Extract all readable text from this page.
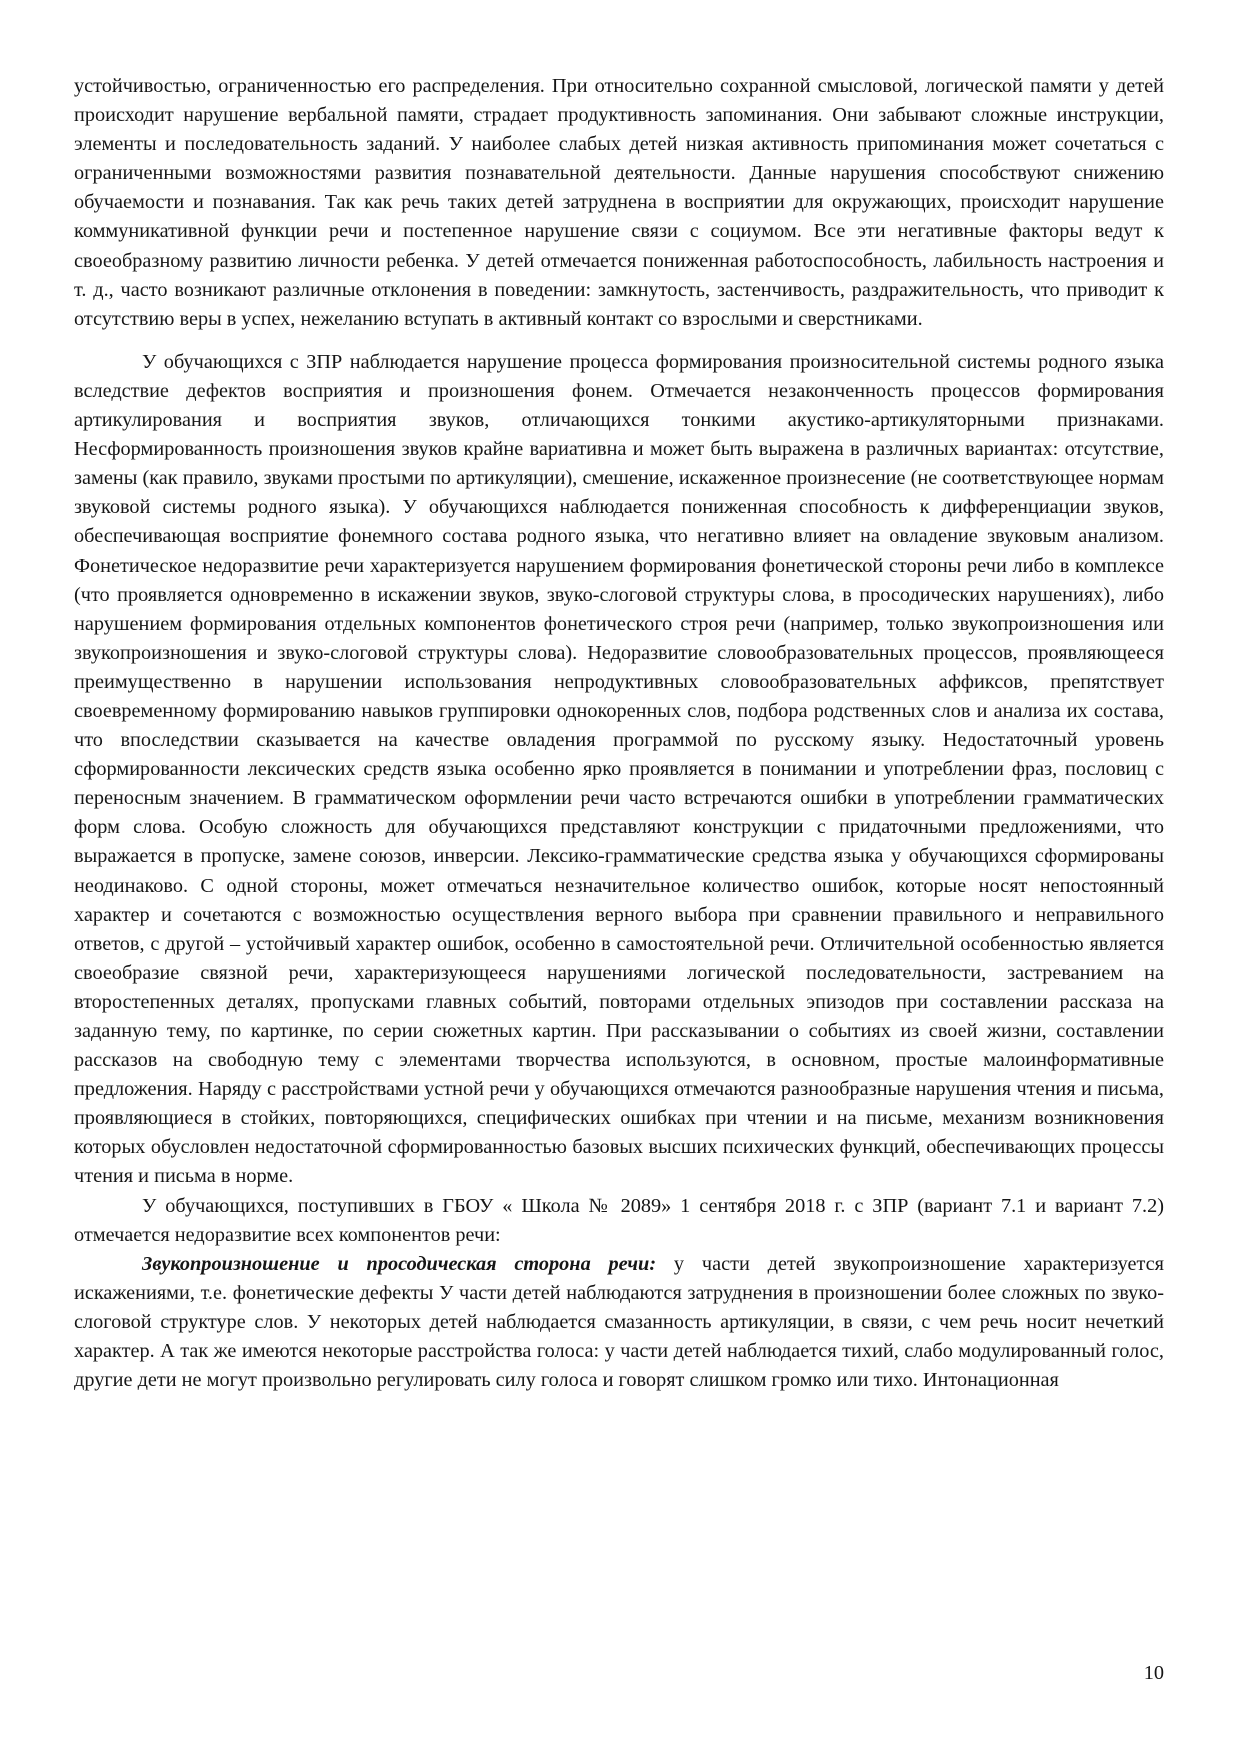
устойчивостью, ограниченностью его распределения. При относительно сохранной смысловой, логической памяти у детей происходит нарушение вербальной памяти, страдает продуктивность запоминания. Они забывают сложные инструкции, элементы и последовательность заданий. У наиболее слабых детей низкая активность припоминания может сочетаться с ограниченными возможностями развития познавательной деятельности. Данные нарушения способствуют снижению обучаемости и познавания. Так как речь таких детей затруднена в восприятии для окружающих, происходит нарушение коммуникативной функции речи и постепенное нарушение связи с социумом. Все эти негативные факторы ведут к своеобразному развитию личности ребенка. У детей отмечается пониженная работоспособность, лабильность настроения и т. д., часто возникают различные отклонения в поведении: замкнутость, застенчивость, раздражительность, что приводит к отсутствию веры в успех, нежеланию вступать в активный контакт со взрослыми и сверстниками.

У обучающихся с ЗПР наблюдается нарушение процесса формирования произносительной системы родного языка вследствие дефектов восприятия и произношения фонем. Отмечается незаконченность процессов формирования артикулирования и восприятия звуков, отличающихся тонкими акустико-артикуляторными признаками. Несформированность произношения звуков крайне вариативна и может быть выражена в различных вариантах: отсутствие, замены (как правило, звуками простыми по артикуляции), смешение, искаженное произнесение (не соответствующее нормам звуковой системы родного языка). У обучающихся наблюдается пониженная способность к дифференциации звуков, обеспечивающая восприятие фонемного состава родного языка, что негативно влияет на овладение звуковым анализом. Фонетическое недоразвитие речи характеризуется нарушением формирования фонетической стороны речи либо в комплексе (что проявляется одновременно в искажении звуков, звуко-слоговой структуры слова, в просодических нарушениях), либо нарушением формирования отдельных компонентов фонетического строя речи (например, только звукопроизношения или звукопроизношения и звуко-слоговой структуры слова). Недоразвитие словообразовательных процессов, проявляющееся преимущественно в нарушении использования непродуктивных словообразовательных аффиксов, препятствует своевременному формированию навыков группировки однокоренных слов, подбора родственных слов и анализа их состава, что впоследствии сказывается на качестве овладения программой по русскому языку. Недостаточный уровень сформированности лексических средств языка особенно ярко проявляется в понимании и употреблении фраз, пословиц с переносным значением. В грамматическом оформлении речи часто встречаются ошибки в употреблении грамматических форм слова. Особую сложность для обучающихся представляют конструкции с придаточными предложениями, что выражается в пропуске, замене союзов, инверсии. Лексико-грамматические средства языка у обучающихся сформированы неодинаково. С одной стороны, может отмечаться незначительное количество ошибок, которые носят непостоянный характер и сочетаются с возможностью осуществления верного выбора при сравнении правильного и неправильного ответов, с другой – устойчивый характер ошибок, особенно в самостоятельной речи. Отличительной особенностью является своеобразие связной речи, характеризующееся нарушениями логической последовательности, застреванием на второстепенных деталях, пропусками главных событий, повторами отдельных эпизодов при составлении рассказа на заданную тему, по картинке, по серии сюжетных картин. При рассказывании о событиях из своей жизни, составлении рассказов на свободную тему с элементами творчества используются, в основном, простые малоинформативные предложения. Наряду с расстройствами устной речи у обучающихся отмечаются разнообразные нарушения чтения и письма, проявляющиеся в стойких, повторяющихся, специфических ошибках при чтении и на письме, механизм возникновения которых обусловлен недостаточной сформированностью базовых высших психических функций, обеспечивающих процессы чтения и письма в норме.

У обучающихся, поступивших в ГБОУ « Школа № 2089» 1 сентября 2018 г. с ЗПР (вариант 7.1 и вариант 7.2) отмечается недоразвитие всех компонентов речи:

Звукопроизношение и просодическая сторона речи: у части детей звукопроизношение характеризуется искажениями, т.е. фонетические дефекты У части детей наблюдаются затруднения в произношении более сложных по звуко-слоговой структуре слов. У некоторых детей наблюдается смазанность артикуляции, в связи, с чем речь носит нечеткий характер. А так же имеются некоторые расстройства голоса: у части детей наблюдается тихий, слабо модулированный голос, другие дети не могут произвольно регулировать силу голоса и говорят слишком громко или тихо. Интонационная

10
